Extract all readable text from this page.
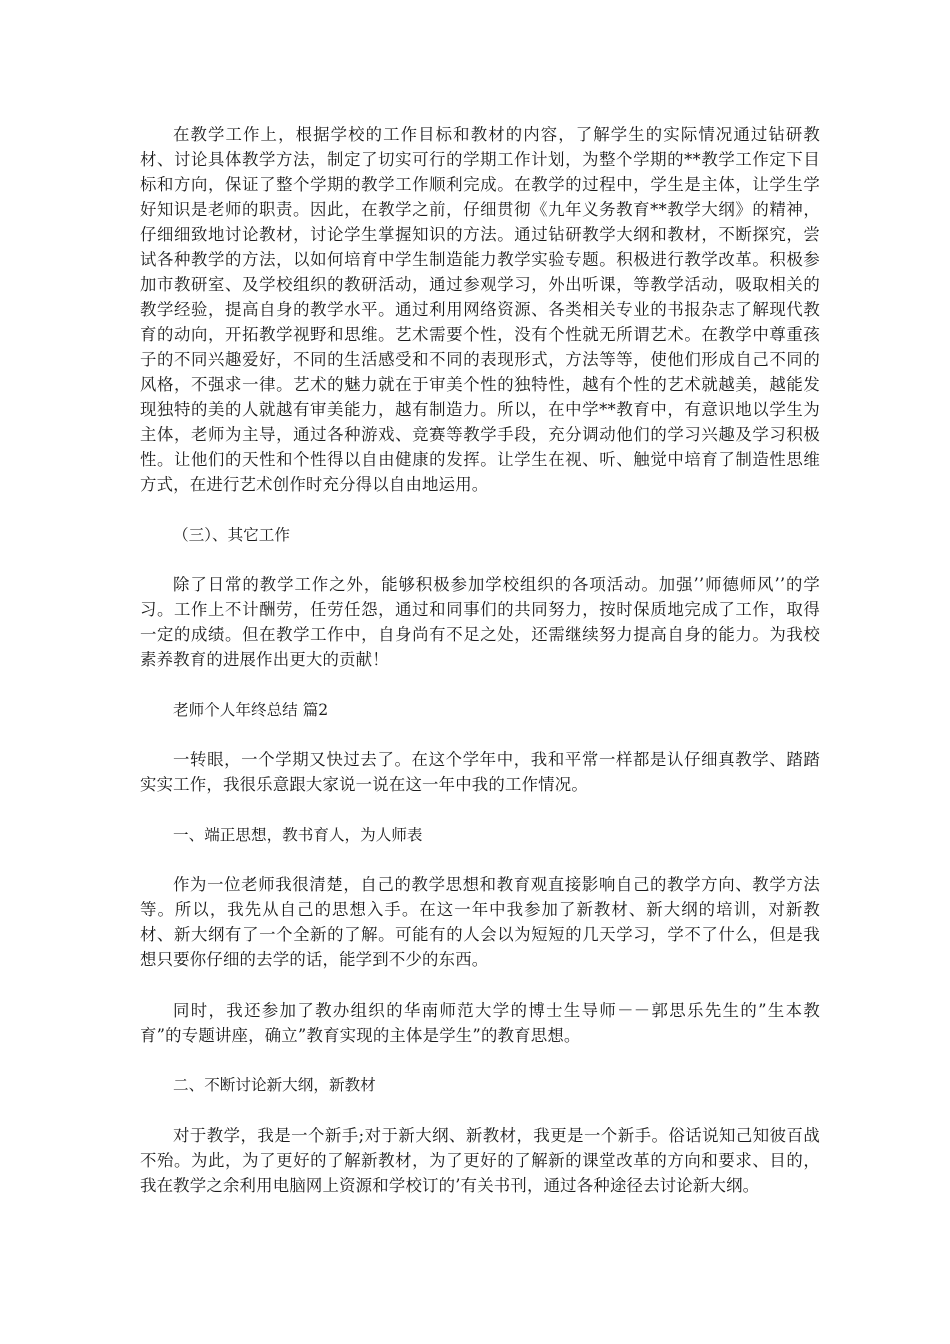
在教学工作上，根据学校的工作目标和教材的内容，了解学生的实际情况通过钻研教材、讨论具体教学方法，制定了切实可行的学期工作计划，为整个学期的**教学工作定下目标和方向，保证了整个学期的教学工作顺利完成。在教学的过程中，学生是主体，让学生学好知识是老师的职责。因此，在教学之前，仔细贯彻《九年义务教育**教学大纲》的精神，仔细细致地讨论教材，讨论学生掌握知识的方法。通过钻研教学大纲和教材，不断探究，尝试各种教学的方法，以如何培育中学生制造能力教学实验专题。积极进行教学改革。积极参加市教研室、及学校组织的教研活动，通过参观学习，外出听课，等教学活动，吸取相关的教学经验，提高自身的教学水平。通过利用网络资源、各类相关专业的书报杂志了解现代教育的动向，开拓教学视野和思维。艺术需要个性，没有个性就无所谓艺术。在教学中尊重孩子的不同兴趣爱好，不同的生活感受和不同的表现形式，方法等等，使他们形成自己不同的风格，不强求一律。艺术的魅力就在于审美个性的独特性，越有个性的艺术就越美，越能发现独特的美的人就越有审美能力，越有制造力。所以，在中学**教育中，有意识地以学生为主体，老师为主导，通过各种游戏、竞赛等教学手段，充分调动他们的学习兴趣及学习积极性。让他们的天性和个性得以自由健康的发挥。让学生在视、听、触觉中培育了制造性思维方式，在进行艺术创作时充分得以自由地运用。

（三）、其它工作

除了日常的教学工作之外，能够积极参加学校组织的各项活动。加强’’师德师风’’的学习。工作上不计酬劳，任劳任怨，通过和同事们的共同努力，按时保质地完成了工作，取得一定的成绩。但在教学工作中，自身尚有不足之处，还需继续努力提高自身的能力。为我校素养教育的进展作出更大的贡献！

老师个人年终总结 篇2

一转眼，一个学期又快过去了。在这个学年中，我和平常一样都是认仔细真教学、踏踏实实工作，我很乐意跟大家说一说在这一年中我的工作情况。

一、端正思想，教书育人，为人师表

作为一位老师我很清楚，自己的教学思想和教育观直接影响自己的教学方向、教学方法等。所以，我先从自己的思想入手。在这一年中我参加了新教材、新大纲的培训，对新教材、新大纲有了一个全新的了解。可能有的人会以为短短的几天学习，学不了什么，但是我想只要你仔细的去学的话，能学到不少的东西。

同时，我还参加了教办组织的华南师范大学的博士生导师－－郭思乐先生的”生本教育”的专题讲座，确立”教育实现的主体是学生”的教育思想。

二、不断讨论新大纲，新教材

对于教学，我是一个新手;对于新大纲、新教材，我更是一个新手。俗话说知己知彼百战不殆。为此，为了更好的了解新教材，为了更好的了解新的课堂改革的方向和要求、目的，我在教学之余利用电脑网上资源和学校订的’有关书刊，通过各种途径去讨论新大纲。
